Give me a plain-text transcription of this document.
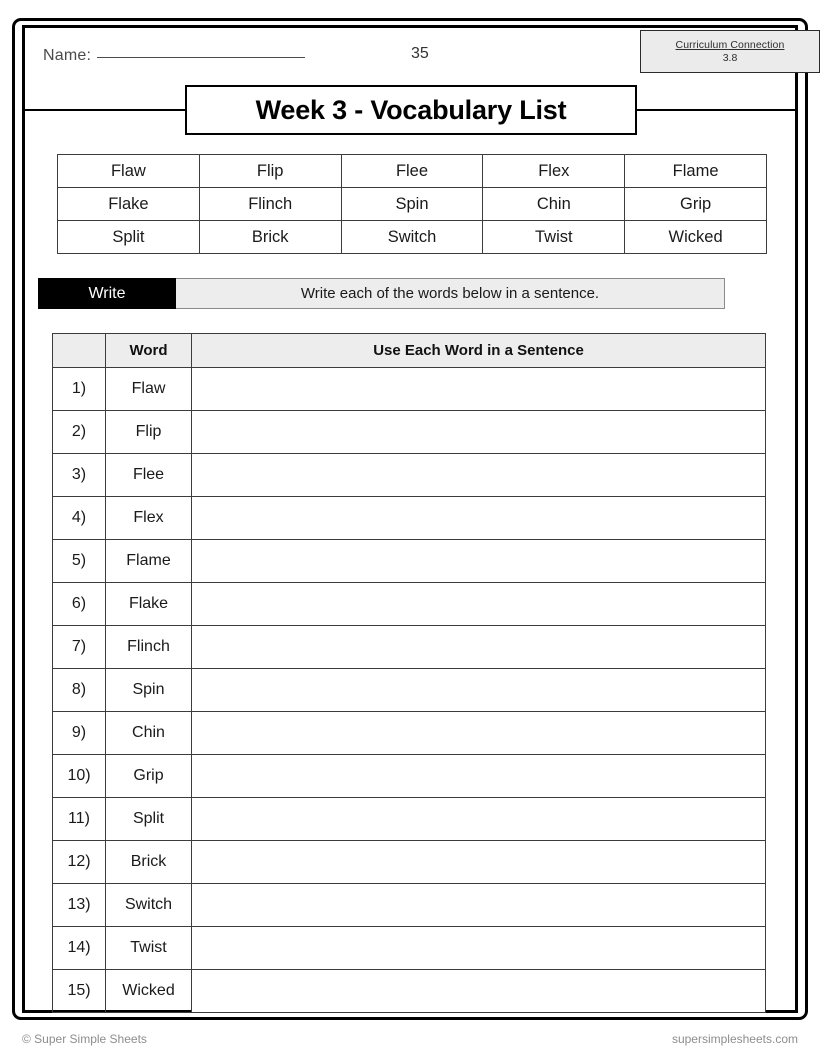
Name:	35	Curriculum Connection
3.8
Week 3 - Vocabulary List
Flaw	Flip	Flee	Flex	Flame
Flake	Flinch	Spin	Chin	Grip
Split	Brick	Switch	Twist	Wicked
Write	Write each of the words below in a sentence.
	Word	Use Each Word in a Sentence
1)	Flaw	
2)	Flip	
3)	Flee	
4)	Flex	
5)	Flame	
6)	Flake	
7)	Flinch	
8)	Spin	
9)	Chin	
10)	Grip	
11)	Split	
12)	Brick	
13)	Switch	
14)	Twist	
15)	Wicked	
© Super Simple Sheets	supersimplesheets.com
